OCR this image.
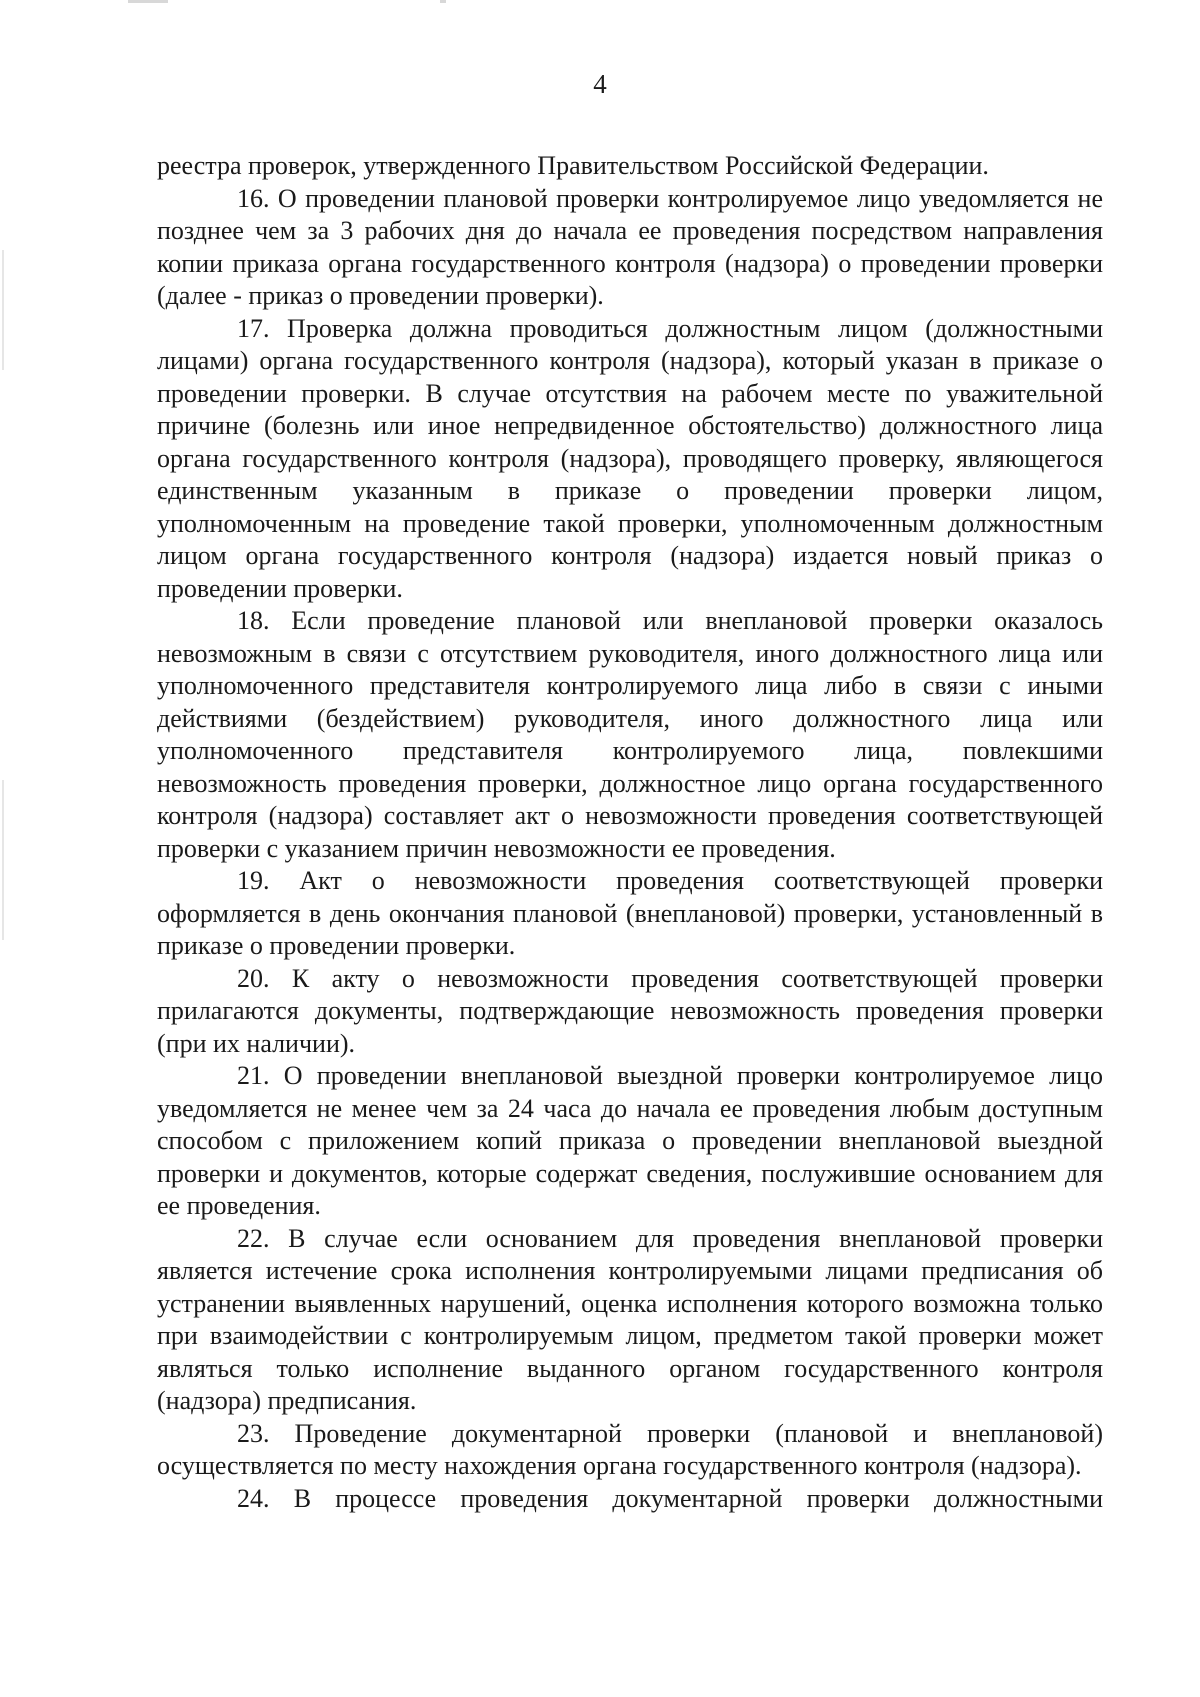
4

реестра проверок, утвержденного Правительством Российской Федерации.

16. О проведении плановой проверки контролируемое лицо уведомляется не позднее чем за 3 рабочих дня до начала ее проведения посредством направления копии приказа органа государственного контроля (надзора) о проведении проверки (далее - приказ о проведении проверки).

17. Проверка должна проводиться должностным лицом (должностными лицами) органа государственного контроля (надзора), который указан в приказе о проведении проверки. В случае отсутствия на рабочем месте по уважительной причине (болезнь или иное непредвиденное обстоятельство) должностного лица органа государственного контроля (надзора), проводящего проверку, являющегося единственным указанным в приказе о проведении проверки лицом, уполномоченным на проведение такой проверки, уполномоченным должностным лицом органа государственного контроля (надзора) издается новый приказ о проведении проверки.

18. Если проведение плановой или внеплановой проверки оказалось невозможным в связи с отсутствием руководителя, иного должностного лица или уполномоченного представителя контролируемого лица либо в связи с иными действиями (бездействием) руководителя, иного должностного лица или уполномоченного представителя контролируемого лица, повлекшими невозможность проведения проверки, должностное лицо органа государственного контроля (надзора) составляет акт о невозможности проведения соответствующей проверки с указанием причин невозможности ее проведения.

19. Акт о невозможности проведения соответствующей проверки оформляется в день окончания плановой (внеплановой) проверки, установленный в приказе о проведении проверки.

20. К акту о невозможности проведения соответствующей проверки прилагаются документы, подтверждающие невозможность проведения проверки (при их наличии).

21. О проведении внеплановой выездной проверки контролируемое лицо уведомляется не менее чем за 24 часа до начала ее проведения любым доступным способом с приложением копий приказа о проведении внеплановой выездной проверки и документов, которые содержат сведения, послужившие основанием для ее проведения.

22. В случае если основанием для проведения внеплановой проверки является истечение срока исполнения контролируемыми лицами предписания об устранении выявленных нарушений, оценка исполнения которого возможна только при взаимодействии с контролируемым лицом, предметом такой проверки может являться только исполнение выданного органом государственного контроля (надзора) предписания.

23. Проведение документарной проверки (плановой и внеплановой) осуществляется по месту нахождения органа государственного контроля (надзора).

24. В процессе проведения документарной проверки должностными
